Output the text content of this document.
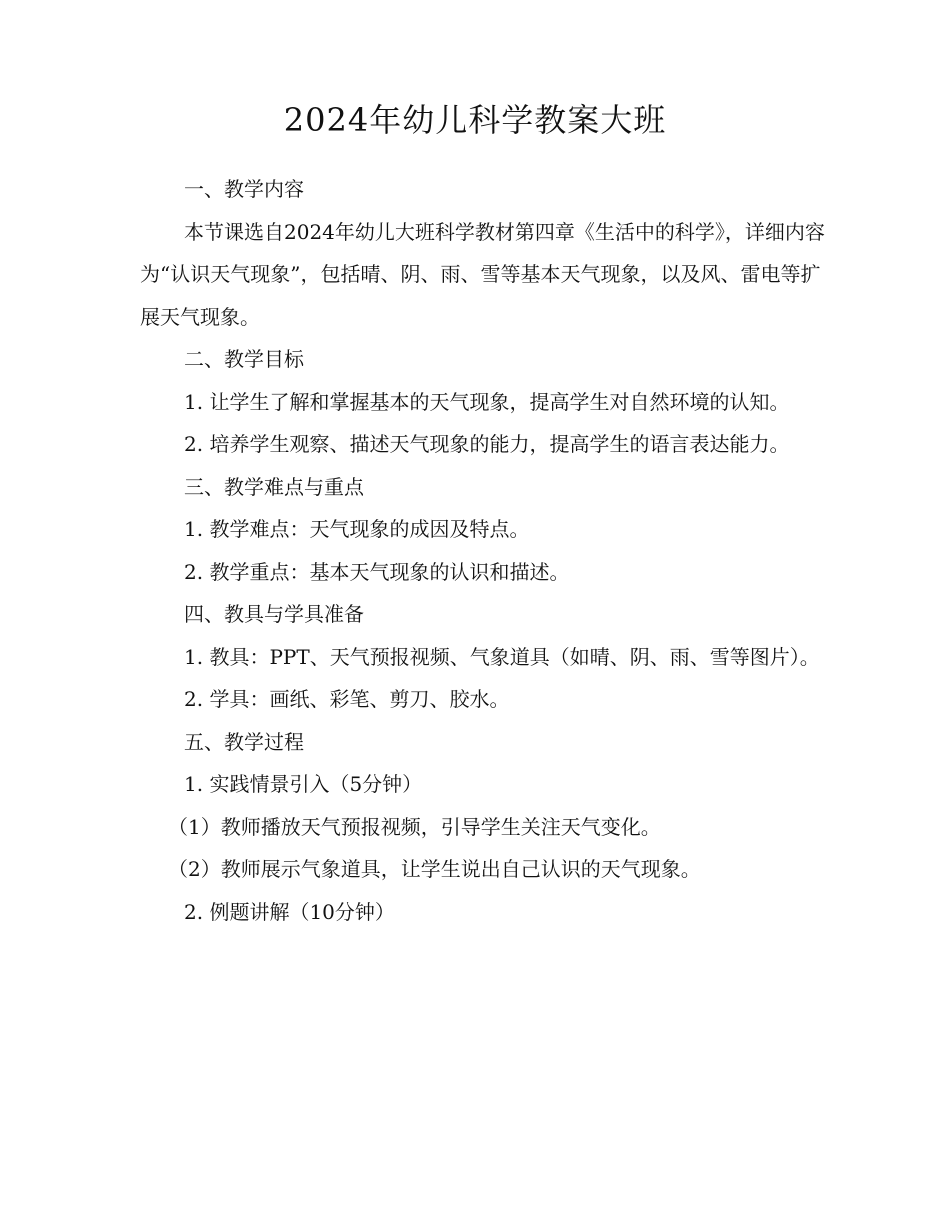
2024年幼儿科学教案大班

一、教学内容

本节课选自2024年幼儿大班科学教材第四章《生活中的科学》，详细内容为“认识天气现象”，包括晴、阴、雨、雪等基本天气现象，以及风、雷电等扩展天气现象。

二、教学目标

1. 让学生了解和掌握基本的天气现象，提高学生对自然环境的认知。

2. 培养学生观察、描述天气现象的能力，提高学生的语言表达能力。

三、教学难点与重点

1. 教学难点：天气现象的成因及特点。

2. 教学重点：基本天气现象的认识和描述。

四、教具与学具准备

1. 教具：PPT、天气预报视频、气象道具（如晴、阴、雨、雪等图片）。

2. 学具：画纸、彩笔、剪刀、胶水。

五、教学过程

1. 实践情景引入（5分钟）

（1）教师播放天气预报视频，引导学生关注天气变化。

（2）教师展示气象道具，让学生说出自己认识的天气现象。

2. 例题讲解（10分钟）
